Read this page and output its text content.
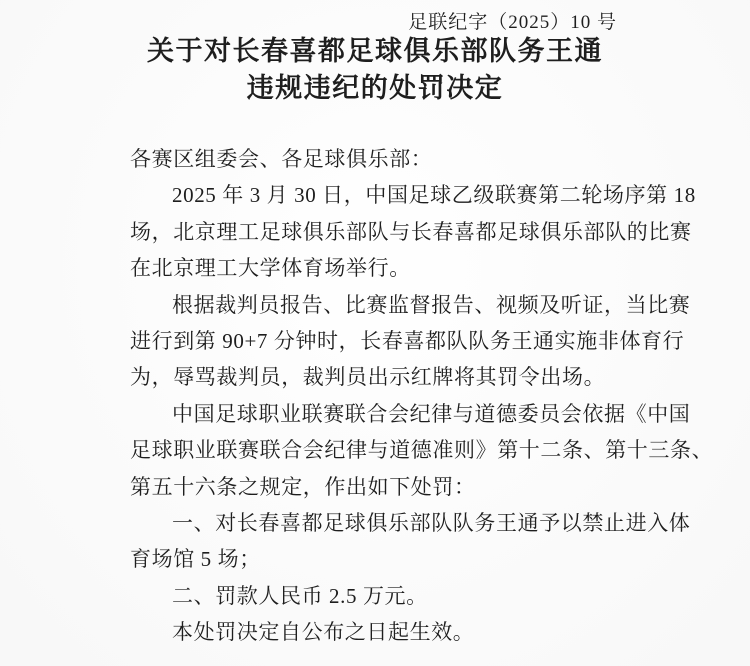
足联纪字（2025）10 号
关于对长春喜都足球俱乐部队务王通
违规违纪的处罚决定
各赛区组委会、各足球俱乐部：
2025 年 3 月 30 日，中国足球乙级联赛第二轮场序第 18
场，北京理工足球俱乐部队与长春喜都足球俱乐部队的比赛
在北京理工大学体育场举行。
根据裁判员报告、比赛监督报告、视频及听证，当比赛
进行到第 90+7 分钟时，长春喜都队队务王通实施非体育行
为，辱骂裁判员，裁判员出示红牌将其罚令出场。
中国足球职业联赛联合会纪律与道德委员会依据《中国
足球职业联赛联合会纪律与道德准则》第十二条、第十三条、
第五十六条之规定，作出如下处罚：
一、对长春喜都足球俱乐部队队务王通予以禁止进入体
育场馆 5 场；
二、罚款人民币 2.5 万元。
本处罚决定自公布之日起生效。
